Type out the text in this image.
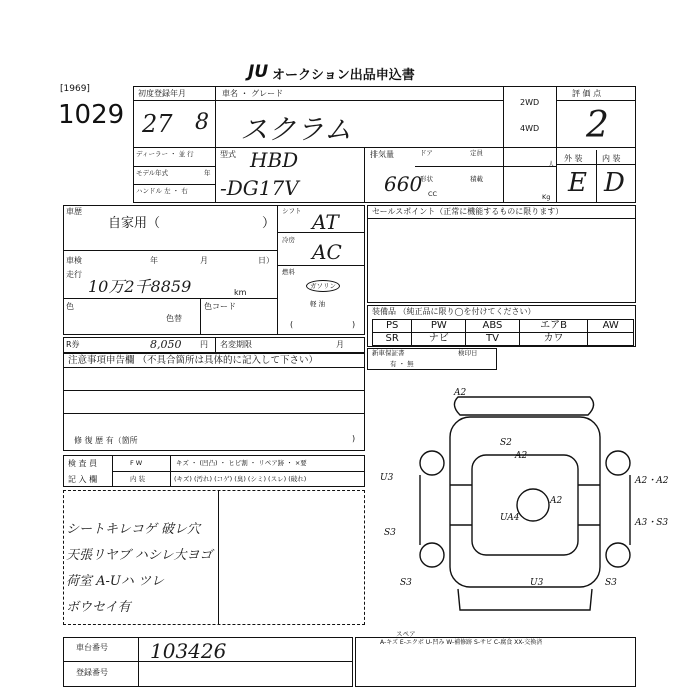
JU オークション出品申込書
[1969]
1029
初度登録年月	車名 ・ グレード
2WD
4WD
評 価 点
27 8 スクラム	2
ディーラー ・ 並 行
モデル年式	年
ハンドル 左 ・ 右
型式 HBD
-DG17V
排気量
660 CC
ドア	定員
人
形状	積載
Kg
外 装 内 装
E D
車歴
自家用（	）
車検	年	月	日）
走行
10万2千8859	km
色
色替
色コード
シフト AT
冷房 AC
燃料
ガソリン
軽 油
(	)
R券	8,050 円 名変期限	月
セールスポイント（正常に機能するものに限ります）
装備品 （純正品に限り◯を付けてください）
PS	PW	ABS	エアB	AW
SR	ナビ	TV	カワ	
新車保証書
有 ・ 無
検印日
注意事項申告欄 （不具合箇所は具体的に記入して下さい）
修 復 歴 有（箇所	)
検 査 員
記 入 欄
F W	キズ ・ (凹凸) ・ ヒビ割 ・ リペア跡 ・ ×要
内 装	(キズ) (汚れ) (コゲ) (臭) (シミ) (スレ) (破れ)
シートキレコゲ 破レ穴
天張リヤブ ハシレ大ヨゴ
荷室 A-Uハ ツレ
ボウセイ有
A2
S2
A2
U3	A2・A2
UA4	A3・S3
S3
S3	U3	S3
A2
スペア
車台番号 103426
登録番号
A-キズ E-エクボ U-凹み W-補修跡 S-サビ C-腐食 XX-交換済
